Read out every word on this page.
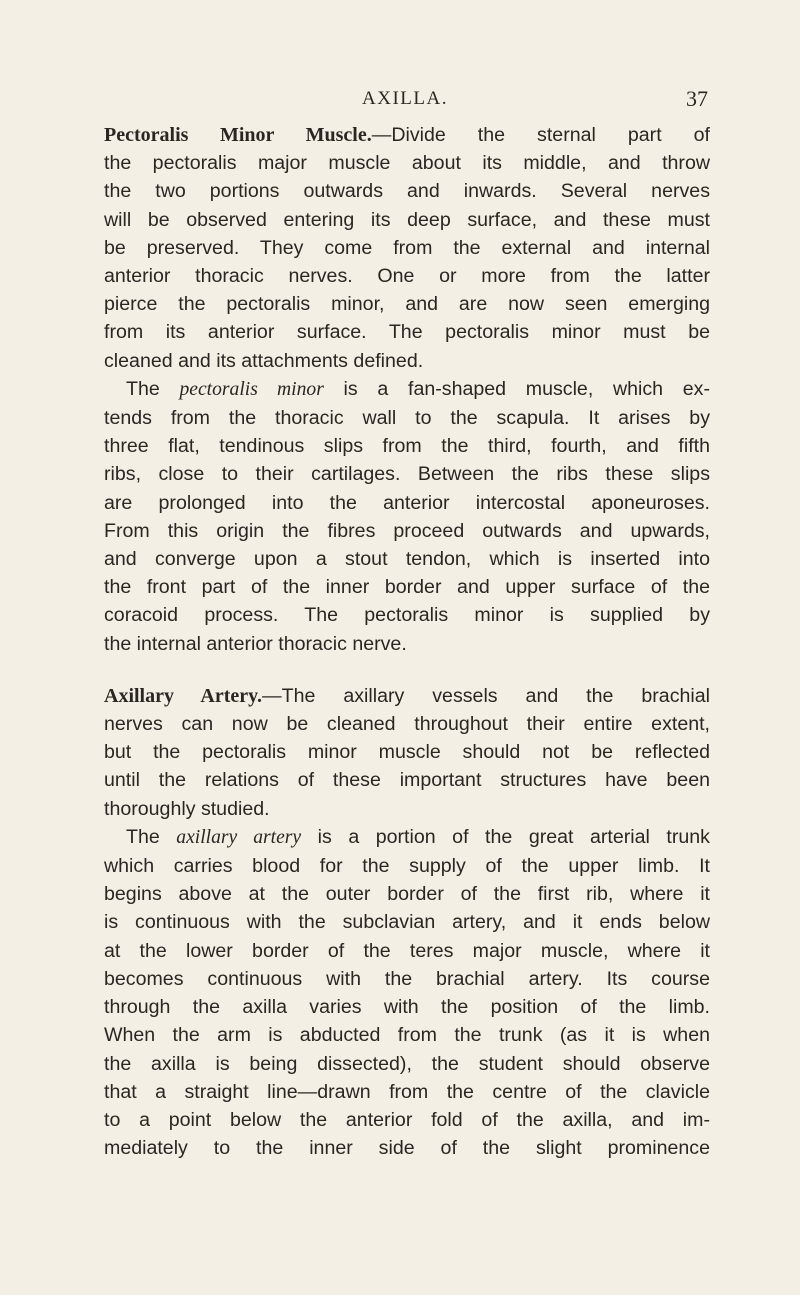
AXILLA.	37

Pectoralis Minor Muscle.—Divide the sternal part of
the pectoralis major muscle about its middle, and throw
the two portions outwards and inwards. Several nerves
will be observed entering its deep surface, and these must
be preserved. They come from the external and internal
anterior thoracic nerves. One or more from the latter
pierce the pectoralis minor, and are now seen emerging
from its anterior surface. The pectoralis minor must be
cleaned and its attachments defined.

The pectoralis minor is a fan-shaped muscle, which ex-
tends from the thoracic wall to the scapula. It arises by
three flat, tendinous slips from the third, fourth, and fifth
ribs, close to their cartilages. Between the ribs these slips
are prolonged into the anterior intercostal aponeuroses.
From this origin the fibres proceed outwards and upwards,
and converge upon a stout tendon, which is inserted into
the front part of the inner border and upper surface of the
coracoid process. The pectoralis minor is supplied by
the internal anterior thoracic nerve.

Axillary Artery.—The axillary vessels and the brachial
nerves can now be cleaned throughout their entire extent,
but the pectoralis minor muscle should not be reflected
until the relations of these important structures have been
thoroughly studied.

The axillary artery is a portion of the great arterial trunk
which carries blood for the supply of the upper limb. It
begins above at the outer border of the first rib, where it
is continuous with the subclavian artery, and it ends below
at the lower border of the teres major muscle, where it
becomes continuous with the brachial artery. Its course
through the axilla varies with the position of the limb.
When the arm is abducted from the trunk (as it is when
the axilla is being dissected), the student should observe
that a straight line—drawn from the centre of the clavicle
to a point below the anterior fold of the axilla, and im-
mediately to the inner side of the slight prominence
